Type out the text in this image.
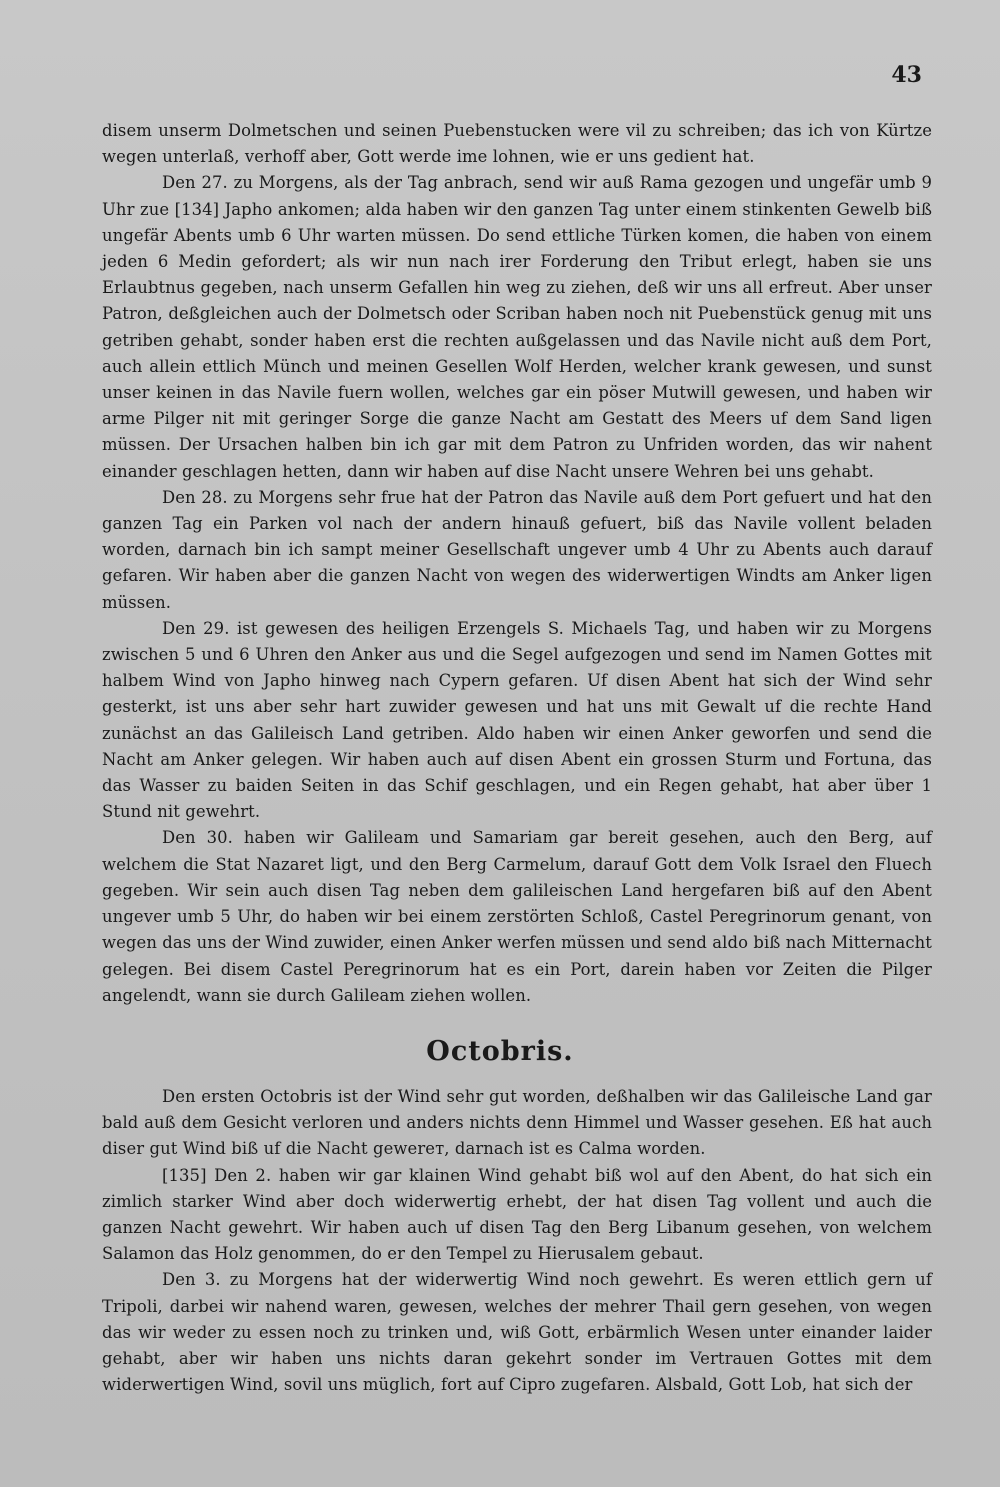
43

disem unserm Dolmetschen und seinen Puebenstucken were vil zu schreiben; das ich von Kürtze wegen unterlaß, verhoff aber, Gott werde ime lohnen, wie er uns gedient hat.

Den 27. zu Morgens, als der Tag anbrach, send wir auß Rama gezogen und ungefär umb 9 Uhr zue [134] Japho ankomen; alda haben wir den ganzen Tag unter einem stinkenten Gewelb biß ungefär Abents umb 6 Uhr warten müssen. Do send ettliche Türken komen, die haben von einem jeden 6 Medin gefordert; als wir nun nach irer Forderung den Tribut erlegt, haben sie uns Erlaubtnus gegeben, nach unserm Gefallen hin weg zu ziehen, deß wir uns all erfreut. Aber unser Patron, deßgleichen auch der Dolmetsch oder Scriban haben noch nit Puebenstück genug mit uns getriben gehabt, sonder haben erst die rechten außgelassen und das Navile nicht auß dem Port, auch allein ettlich Münch und meinen Gesellen Wolf Herden, welcher krank gewesen, und sunst unser keinen in das Navile fuern wollen, welches gar ein pöser Mutwill gewesen, und haben wir arme Pilger nit mit geringer Sorge die ganze Nacht am Gestatt des Meers uf dem Sand ligen müssen. Der Ursachen halben bin ich gar mit dem Patron zu Unfriden worden, das wir nahent einander geschlagen hetten, dann wir haben auf dise Nacht unsere Wehren bei uns gehabt.

Den 28. zu Morgens sehr frue hat der Patron das Navile auß dem Port gefuert und hat den ganzen Tag ein Parken vol nach der andern hinauß gefuert, biß das Navile vollent beladen worden, darnach bin ich sampt meiner Gesellschaft ungever umb 4 Uhr zu Abents auch darauf gefaren. Wir haben aber die ganzen Nacht von wegen des widerwertigen Windts am Anker ligen müssen.

Den 29. ist gewesen des heiligen Erzengels S. Michaels Tag, und haben wir zu Morgens zwischen 5 und 6 Uhren den Anker aus und die Segel aufgezogen und send im Namen Gottes mit halbem Wind von Japho hinweg nach Cypern gefaren. Uf disen Abent hat sich der Wind sehr gesterkt, ist uns aber sehr hart zuwider gewesen und hat uns mit Gewalt uf die rechte Hand zunächst an das Galileisch Land getriben. Aldo haben wir einen Anker geworfen und send die Nacht am Anker gelegen. Wir haben auch auf disen Abent ein grossen Sturm und Fortuna, das das Wasser zu baiden Seiten in das Schif geschlagen, und ein Regen gehabt, hat aber über 1 Stund nit gewehrt.

Den 30. haben wir Galileam und Samariam gar bereit gesehen, auch den Berg, auf welchem die Stat Nazaret ligt, und den Berg Carmelum, darauf Gott dem Volk Israel den Fluech gegeben. Wir sein auch disen Tag neben dem galileischen Land hergefaren biß auf den Abent ungever umb 5 Uhr, do haben wir bei einem zerstörten Schloß, Castel Peregrinorum genant, von wegen das uns der Wind zuwider, einen Anker werfen müssen und send aldo biß nach Mitternacht gelegen. Bei disem Castel Peregrinorum hat es ein Port, darein haben vor Zeiten die Pilger angelendt, wann sie durch Galileam ziehen wollen.

Octobris.

Den ersten Octobris ist der Wind sehr gut worden, deßhalben wir das Galileische Land gar bald auß dem Gesicht verloren und anders nichts denn Himmel und Wasser gesehen. Eß hat auch diser gut Wind biß uf die Nacht gewerет, darnach ist es Calma worden.

[135] Den 2. haben wir gar klainen Wind gehabt biß wol auf den Abent, do hat sich ein zimlich starker Wind aber doch widerwertig erhebt, der hat disen Tag vollent und auch die ganzen Nacht gewehrt. Wir haben auch uf disen Tag den Berg Libanum gesehen, von welchem Salamon das Holz genommen, do er den Tempel zu Hierusalem gebaut.

Den 3. zu Morgens hat der widerwertig Wind noch gewehrt. Es weren ettlich gern uf Tripoli, darbei wir nahend waren, gewesen, welches der mehrer Thail gern gesehen, von wegen das wir weder zu essen noch zu trinken und, wiß Gott, erbärmlich Wesen unter einander laider gehabt, aber wir haben uns nichts daran gekehrt sonder im Vertrauen Gottes mit dem widerwertigen Wind, sovil uns müglich, fort auf Cipro zugefaren. Alsbald, Gott Lob, hat sich der
